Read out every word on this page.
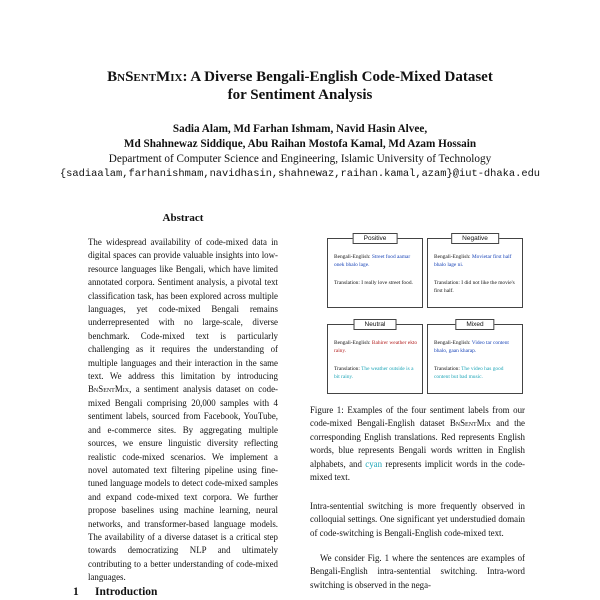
BnSentMix: A Diverse Bengali-English Code-Mixed Dataset
for Sentiment Analysis
Sadia Alam, Md Farhan Ishmam, Navid Hasin Alvee,
Md Shahnewaz Siddique, Abu Raihan Mostofa Kamal, Md Azam Hossain
Department of Computer Science and Engineering, Islamic University of Technology
{sadiaalam,farhanishmam,navidhasin,shahnewaz,raihan.kamal,azam}@iut-dhaka.edu
Abstract

The widespread availability of code-mixed data in digital spaces can provide valuable insights into low-resource languages like Bengali, which have limited annotated corpora. Sentiment analysis, a pivotal text classification task, has been explored across multiple languages, yet code-mixed Bengali remains underrepresented with no large-scale, diverse benchmark. Code-mixed text is particularly challenging as it requires the understanding of multiple languages and their interaction in the same text. We address this limitation by introducing BnSentMix, a sentiment analysis dataset on code-mixed Bengali comprising 20,000 samples with 4 sentiment labels, sourced from Facebook, YouTube, and e-commerce sites. By aggregating multiple sources, we ensure linguistic diversity reflecting realistic code-mixed scenarios. We implement a novel automated text filtering pipeline using fine-tuned language models to detect code-mixed samples and expand code-mixed text corpora. We further propose baselines using machine learning, neural networks, and transformer-based language models. The availability of a diverse dataset is a critical step towards democratizing NLP and ultimately contributing to a better understanding of code-mixed languages.

1 Introduction
Positive
Bengali-English: Street food aamar onek bhalo lage.
Translation: I really love street food.
Negative
Bengali-English: Movietar first half bhalo lage ni.
Translation: I did not like the movie's first half.
Neutral
Bengali-English: Bahirer weather ekto rainy.
Translation: The weather outside is a bit rainy.
Mixed
Bengali-English: Video tar content bhalo, gaan kharap.
Translation: The video has good content but bad music.

Figure 1: Examples of the four sentiment labels from our code-mixed Bengali-English dataset BnSentMix and the corresponding English translations. Red represents English words, blue represents Bengali words written in English alphabets, and cyan represents implicit words in the code-mixed text.

Intra-sentential switching is more frequently observed in colloquial settings. One significant yet understudied domain of code-switching is Bengali-English code-mixed text.

We consider Fig. 1 where the sentences are examples of Bengali-English intra-sentential switching. Intra-word switching is observed in the nega-
